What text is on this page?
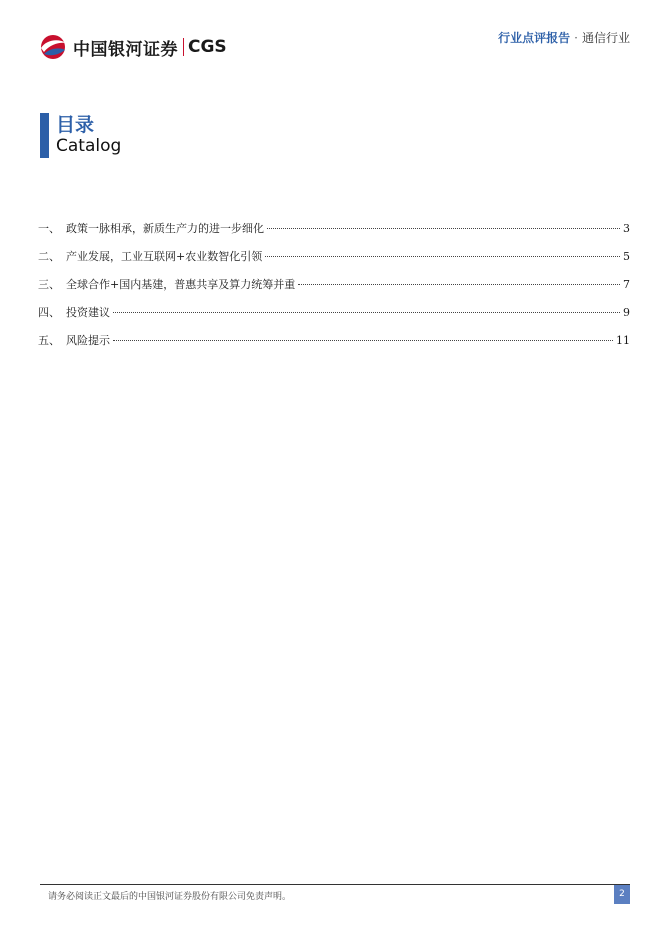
中国银河证券 CGS	行业点评报告 · 通信行业
目录
Catalog
一、 政策一脉相承，新质生产力的进一步细化	3
二、 产业发展，工业互联网+农业数智化引领	5
三、 全球合作+国内基建，普惠共享及算力统筹并重	7
四、 投资建议	9
五、 风险提示	11
请务必阅读正文最后的中国银河证券股份有限公司免责声明。	2
